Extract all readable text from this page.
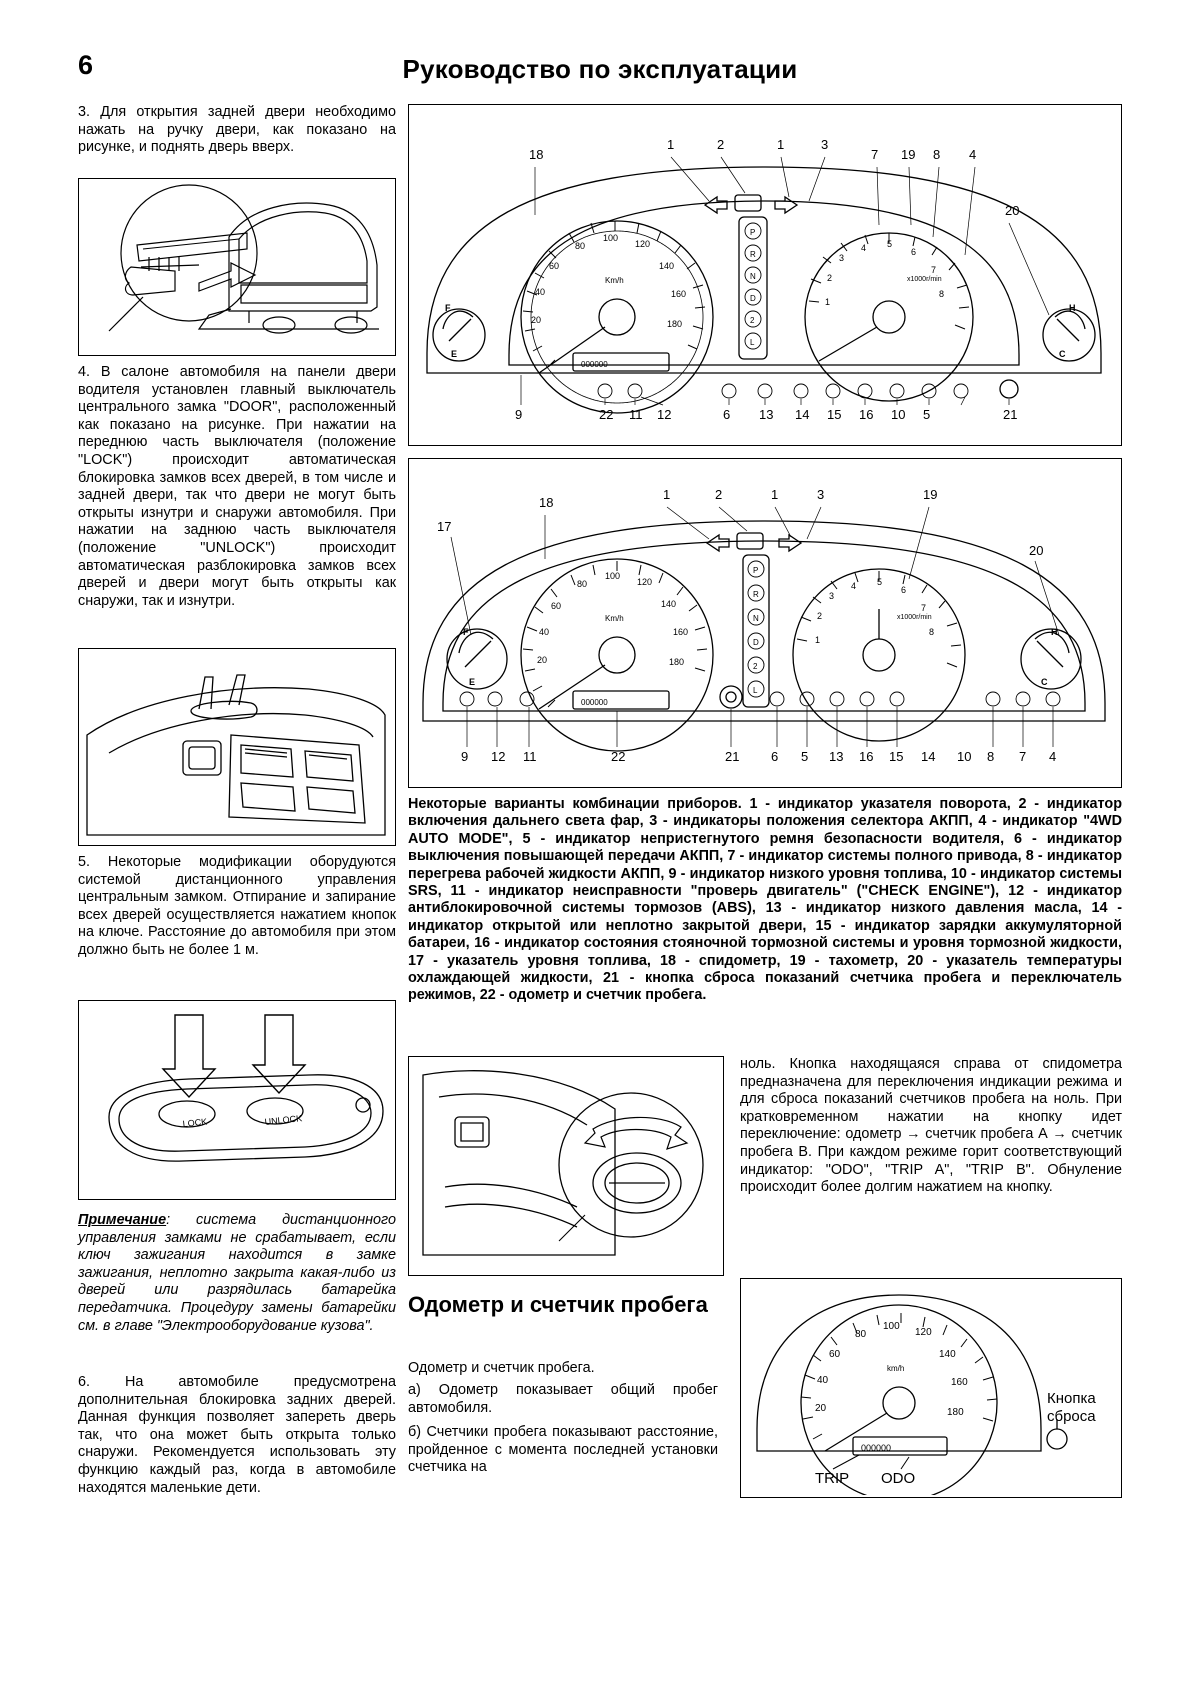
6	Руководство по эксплуатации
3. Для открытия задней двери необходимо нажать на ручку двери, как показано на рисунке, и поднять дверь вверх.
4. В салоне автомобиля на панели двери водителя установлен главный выключатель центрального замка "DOOR", расположенный как показано на рисунке. При нажатии на переднюю часть выключателя (положение "LOCK") происходит автоматическая блокировка замков всех дверей, в том числе и задней двери, так что двери не могут быть открыты изнутри и снаружи автомобиля. При нажатии на заднюю часть выключателя (положение "UNLOCK") происходит автоматическая разблокировка замков всех дверей и двери могут быть открыты как снаружи, так и изнутри.
5. Некоторые модификации оборудуются системой дистанционного управления центральным замком. Отпирание и запирание всех дверей осуществляется нажатием кнопок на ключе. Расстояние до автомобиля при этом должно быть не более 1 м.
LOCK	UNLOCK
Примечание: система дистанционного управления замками не срабатывает, если ключ зажигания находится в замке зажигания, неплотно закрыта какая-либо из дверей или разрядилась батарейка передатчика. Процедуру замены батарейки см. в главе "Электрооборудование кузова".
6. На автомобиле предусмотрена дополнительная блокировка задних дверей. Данная функция позволяет запереть дверь так, что она может быть открыта только снаружи. Рекомендуется использовать эту функцию каждый раз, когда в автомобиле находятся маленькие дети.
20
40
60
80
100
120
140
160
180
Km/h
1
2
3
4 5
6
7
8
x1000r/min
F
E
H
C
P
R
N
D
2
L
000000
18
1	2	1	3
7 19 8 4
20
9	22 11 12	6 13 14 15 16 10 5	21
20
40
60
80
100
120
140
160
180
Km/h
1
2
3
4 5
6
7
8
x1000r/min
F
E
H
C
P
R
N
D
2
L
000000
18
1	2	1	3	19
17
20
9 12 11	22	21 6 5 13 16 15 14 10 8 7 4
Некоторые варианты комбинации приборов. 1 - индикатор указателя поворота, 2 - индикатор включения дальнего света фар, 3 - индикаторы положения селектора АКПП, 4 - индикатор "4WD AUTO MODE", 5 - индикатор непристегнутого ремня безопасности водителя, 6 - индикатор выключения повышающей передачи АКПП, 7 - индикатор системы полного привода, 8 - индикатор перегрева рабочей жидкости АКПП, 9 - индикатор низкого уровня топлива, 10 - индикатор системы SRS, 11 - индикатор неисправности "проверь двигатель" ("CHECK ENGINE"), 12 - индикатор антиблокировочной системы тормозов (ABS), 13 - индикатор низкого давления масла, 14 - индикатор открытой или неплотно закрытой двери, 15 - индикатор зарядки аккумуляторной батареи, 16 - индикатор состояния стояночной тормозной системы и уровня тормозной жидкости, 17 - указатель уровня топлива, 18 - спидометр, 19 - тахометр, 20 - указатель температуры охлаждающей жидкости, 21 - кнопка сброса показаний счетчика пробега и переключатель режимов, 22 - одометр и счетчик пробега.
ноль. Кнопка находящаяся справа от спидометра предназначена для переключения индикации режима и для сброса показаний счетчиков пробега на ноль. При кратковременном нажатии на кнопку идет переключение: одометр → счетчик пробега А → счетчик пробега В. При каждом режиме горит соответствующий индикатор: "ODO", "TRIP A", "TRIP B". Обнуление происходит более долгим нажатием на кнопку.
Одометр и счетчик пробега
Одометр и счетчик пробега.
а) Одометр показывает общий пробег автомобиля.
б) Счетчики пробега показывают расстояние, пройденное с момента последней установки счетчика на
20
40
60
80
100
120
140
160
180
km/h
000000
Кнопка
сброса
TRIP ODO
